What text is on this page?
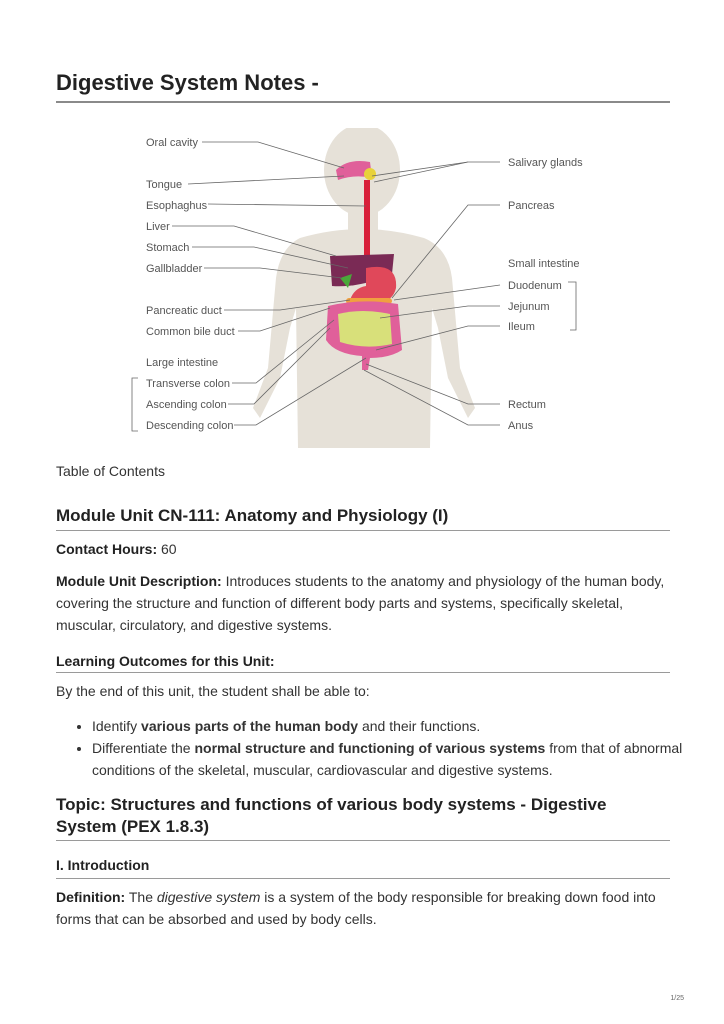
Digestive System Notes -
Oral cavity
Tongue
Esophaghus
Liver
Stomach
Gallbladder
Pancreatic duct
Common bile duct
Large intestine
Transverse colon
Ascending colon
Descending colon
Salivary glands
Pancreas
Small intestine
Duodenum
Jejunum
Ileum
Rectum
Anus
Table of Contents
Module Unit CN-111: Anatomy and Physiology (I)

Contact Hours: 60

Module Unit Description: Introduces students to the anatomy and physiology of the human body, covering the structure and function of different body parts and systems, specifically skeletal, muscular, circulatory, and digestive systems.

Learning Outcomes for this Unit:

By the end of this unit, the student shall be able to:

• Identify various parts of the human body and their functions.
• Differentiate the normal structure and functioning of various systems from that of abnormal conditions of the skeletal, muscular, cardiovascular and digestive systems.
Topic: Structures and functions of various body systems - Digestive System (PEX 1.8.3)
I. Introduction

Definition: The digestive system is a system of the body responsible for breaking down food into forms that can be absorbed and used by body cells.

1/25
